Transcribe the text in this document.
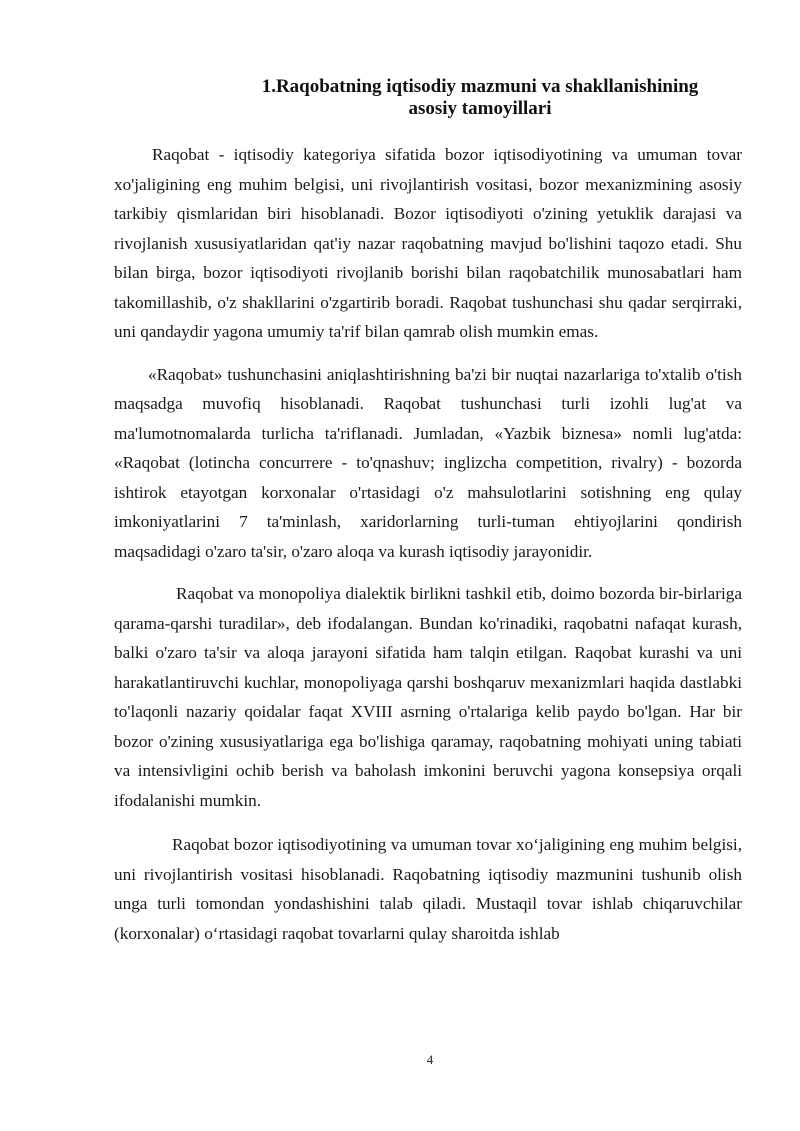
1.Raqobatning iqtisodiy mazmuni va shakllanishining
asosiy tamoyillari

Raqobat - iqtisodiy kategoriya sifatida bozor iqtisodiyotining va umuman tovar xo'jaligining eng muhim belgisi, uni rivojlantirish vositasi, bozor mexanizmining asosiy tarkibiy qismlaridan biri hisoblanadi. Bozor iqtisodiyoti o'zining yetuklik darajasi va rivojlanish xususiyatlaridan qat'iy nazar raqobatning mavjud bo'lishini taqozo etadi. Shu bilan birga, bozor iqtisodiyoti rivojlanib borishi bilan raqobatchilik munosabatlari ham takomillashib, o'z shakllarini o'zgartirib boradi. Raqobat tushunchasi shu qadar serqirraki, uni qandaydir yagona umumiy ta'rif bilan qamrab olish mumkin emas.

«Raqobat» tushunchasini aniqlashtirishning ba'zi bir nuqtai nazarlariga to'xtalib o'tish maqsadga muvofiq hisoblanadi. Raqobat tushunchasi turli izohli lug'at va ma'lumotnomalarda turlicha ta'riflanadi. Jumladan, «Yazbik biznesa» nomli lug'atda: «Raqobat (lotincha concurrere - to'qnashuv; inglizcha competition, rivalry) - bozorda ishtirok etayotgan korxonalar o'rtasidagi o'z mahsulotlarini sotishning eng qulay imkoniyatlarini 7 ta'minlash, xaridorlarning turli-tuman ehtiyojlarini qondirish maqsadidagi o'zaro ta'sir, o'zaro aloqa va kurash iqtisodiy jarayonidir.

Raqobat va monopoliya dialektik birlikni tashkil etib, doimo bozorda bir-birlariga qarama-qarshi turadilar», deb ifodalangan. Bundan ko'rinadiki, raqobatni nafaqat kurash, balki o'zaro ta'sir va aloqa jarayoni sifatida ham talqin etilgan. Raqobat kurashi va uni harakatlantiruvchi kuchlar, monopoliyaga qarshi boshqaruv mexanizmlari haqida dastlabki to'laqonli nazariy qoidalar faqat XVIII asrning o'rtalariga kelib paydo bo'lgan. Har bir bozor o'zining xususiyatlariga ega bo'lishiga qaramay, raqobatning mohiyati uning tabiati va intensivligini ochib berish va baholash imkonini beruvchi yagona konsepsiya orqali ifodalanishi mumkin.

Raqobat bozor iqtisodiyotining va umuman tovar xo‘jaligining eng muhim belgisi, uni rivojlantirish vositasi hisoblanadi. Raqobatning iqtisodiy mazmunini tushunib olish unga turli tomondan yondashishini talab qiladi. Mustaqil tovar ishlab chiqaruvchilar (korxonalar) o‘rtasidagi raqobat tovarlarni qulay sharoitda ishlab

4
